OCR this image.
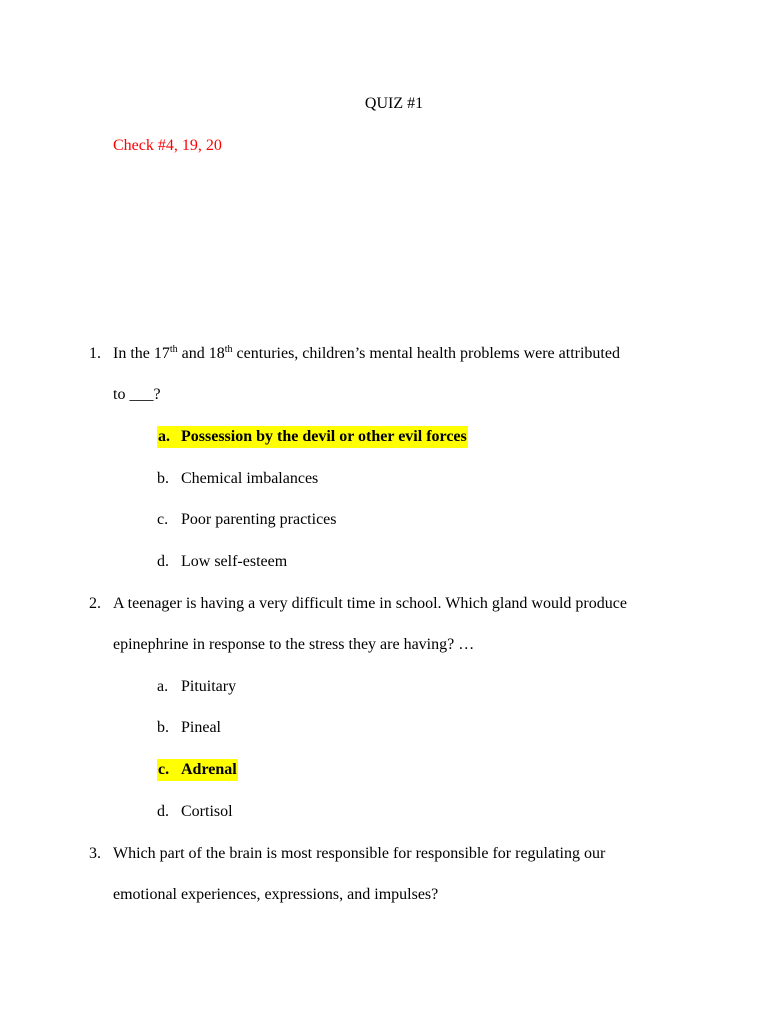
QUIZ #1
Check #4, 19, 20
1. In the 17th and 18th centuries, children’s mental health problems were attributed
to ___?
a. Possession by the devil or other evil forces
b. Chemical imbalances
c. Poor parenting practices
d. Low self-esteem
2. A teenager is having a very difficult time in school. Which gland would produce
epinephrine in response to the stress they are having? …
a. Pituitary
b. Pineal
c. Adrenal
d. Cortisol
3. Which part of the brain is most responsible for responsible for regulating our
emotional experiences, expressions, and impulses?
